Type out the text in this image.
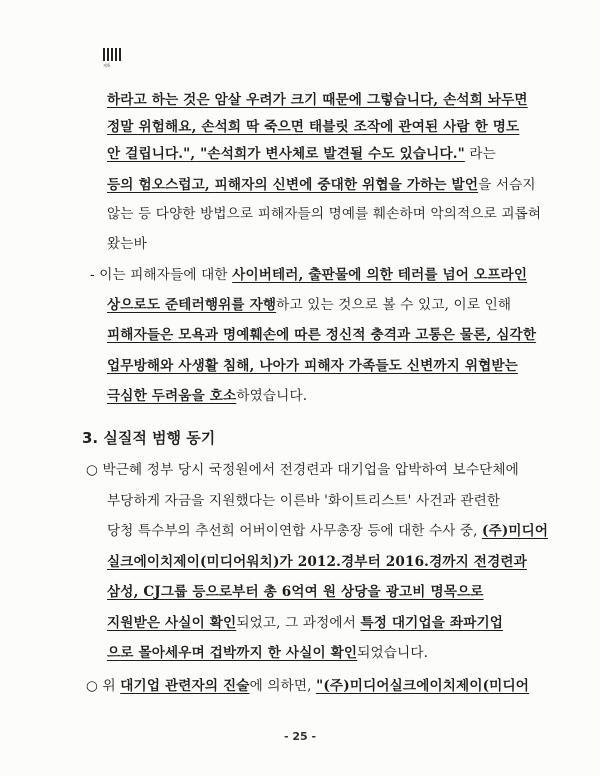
제6
하라고 하는 것은 암살 우려가 크기 때문에 그렇습니다, 손석희 놔두면
정말 위험해요, 손석희 딱 죽으면 태블릿 조작에 관여된 사람 한 명도
안 걸립니다.", "손석희가 변사체로 발견될 수도 있습니다." 라는
등의 험오스럽고, 피해자의 신변에 중대한 위협을 가하는 발언을 서슴지
않는 등 다양한 방법으로 피해자들의 명예를 훼손하며 악의적으로 괴롭혀
왔는바
- 이는 피해자들에 대한 사이버테러, 출판물에 의한 테러를 넘어 오프라인
상으로도 준테러행위를 자행하고 있는 것으로 볼 수 있고, 이로 인해
피해자들은 모욕과 명예훼손에 따른 정신적 충격과 고통은 물론, 심각한
업무방해와 사생활 침해, 나아가 피해자 가족들도 신변까지 위협받는
극심한 두려움을 호소하였습니다.
3. 실질적 범행 동기
○ 박근혜 정부 당시 국정원에서 전경련과 대기업을 압박하여 보수단체에
부당하게 자금을 지원했다는 이른바 '화이트리스트' 사건과 관련한
당청 특수부의 추선희 어버이연합 사무총장 등에 대한 수사 중, (주)미디어
실크에이치제이(미디어워치)가 2012.경부터 2016.경까지 전경련과
삼성, CJ그룹 등으로부터 총 6억여 원 상당을 광고비 명목으로
지원받은 사실이 확인되었고, 그 과정에서 특정 대기업을 좌파기업
으로 몰아세우며 겁박까지 한 사실이 확인되었습니다.
○ 위 대기업 관련자의 진술에 의하면, "(주)미디어실크에이치제이(미디어
- 25 -
